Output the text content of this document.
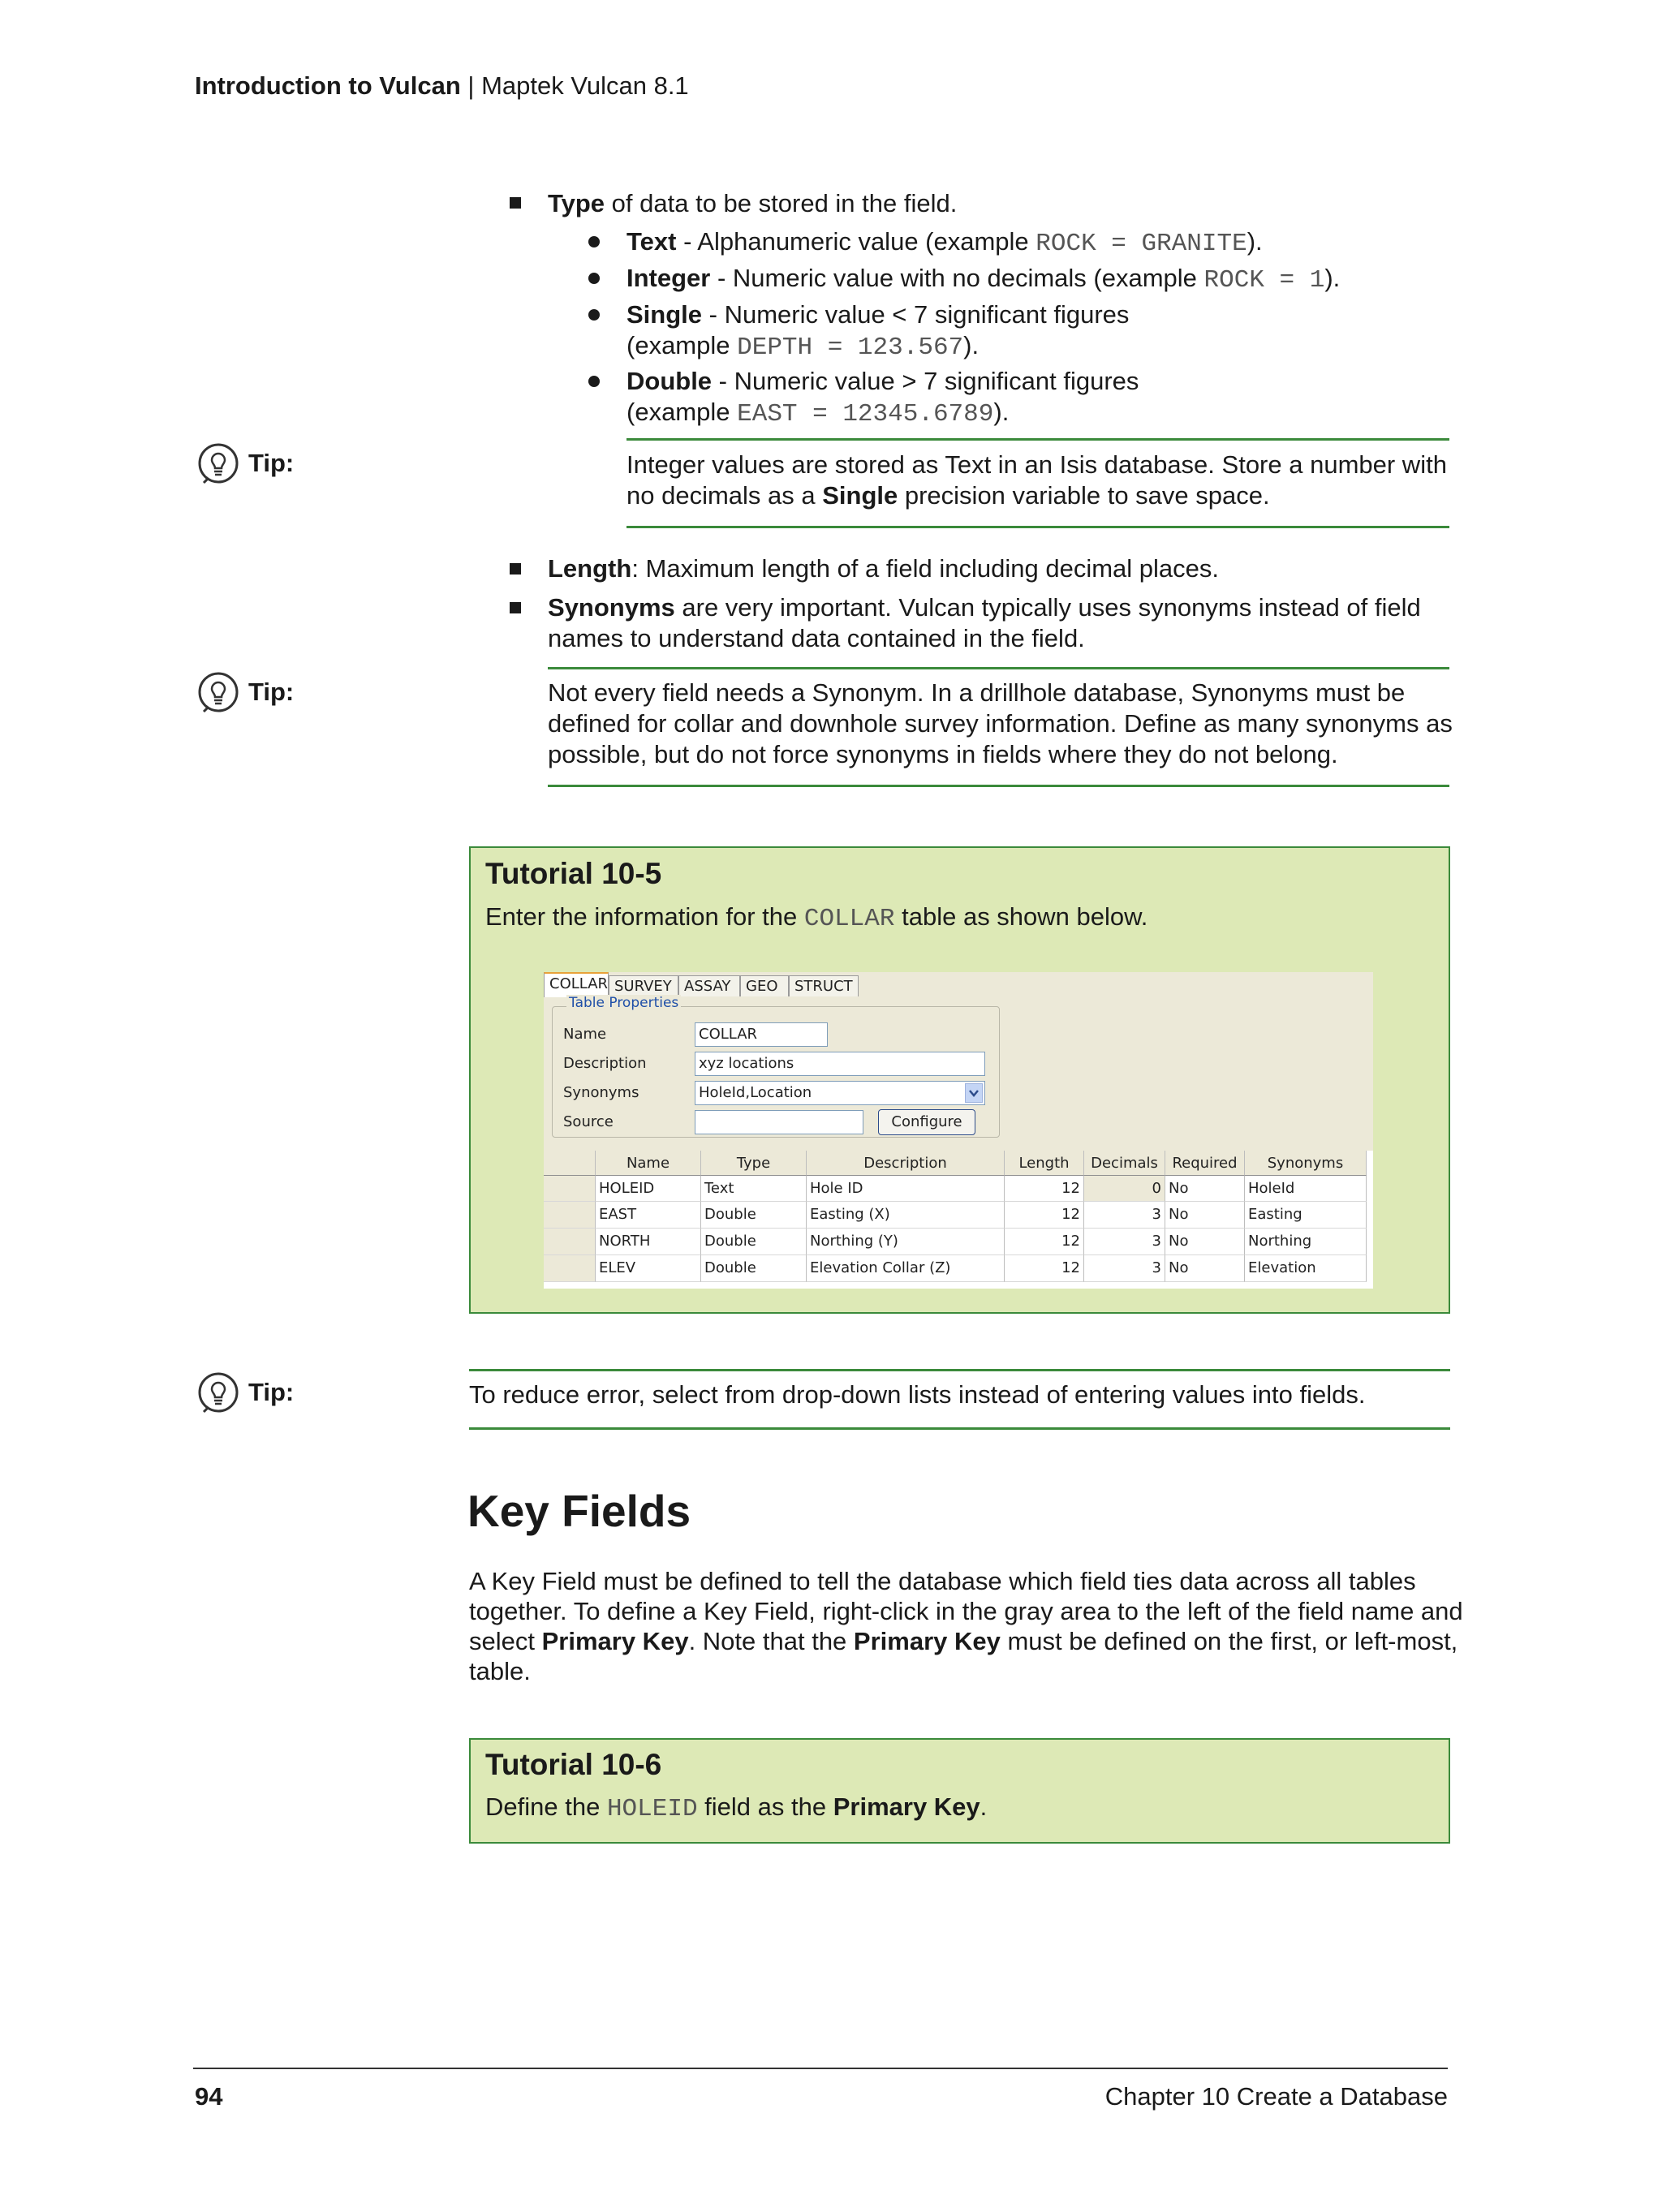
Introduction to Vulcan | Maptek Vulcan 8.1
Type of data to be stored in the field.
Text - Alphanumeric value (example ROCK = GRANITE).
Integer - Numeric value with no decimals (example ROCK = 1).
Single - Numeric value < 7 significant figures
(example DEPTH = 123.567).
Double - Numeric value > 7 significant figures
(example EAST = 12345.6789).
Tip:	Integer values are stored as Text in an Isis database. Store a number with
no decimals as a Single precision variable to save space.
Length: Maximum length of a field including decimal places.
Synonyms are very important. Vulcan typically uses synonyms instead of field
names to understand data contained in the field.
Tip:	Not every field needs a Synonym. In a drillhole database, Synonyms must be
defined for collar and downhole survey information. Define as many synonyms as
possible, but do not force synonyms in fields where they do not belong.
Tutorial 10-5
Enter the information for the COLLAR table as shown below.
COLLAR SURVEY ASSAY	GEO	STRUCT
Table Properties
Name	COLLAR
Description	xyz locations
Synonyms	HoleId,Location
Source	Configure
Name	Type	Description	Length	Decimals Required	Synonyms
HOLEID	Text	Hole ID	12	0 No	HoleId
EAST	Double	Easting (X)	12	3 No	Easting
NORTH	Double	Northing (Y)	12	3 No	Northing
ELEV	Double	Elevation Collar (Z)	12	3 No	Elevation
Tip:	To reduce error, select from drop-down lists instead of entering values into fields.
Key Fields
A Key Field must be defined to tell the database which field ties data across all tables
together. To define a Key Field, right-click in the gray area to the left of the field name and
select Primary Key. Note that the Primary Key must be defined on the first, or left-most,
table.
Tutorial 10-6
Define the HOLEID field as the Primary Key.
94	Chapter 10 Create a Database
